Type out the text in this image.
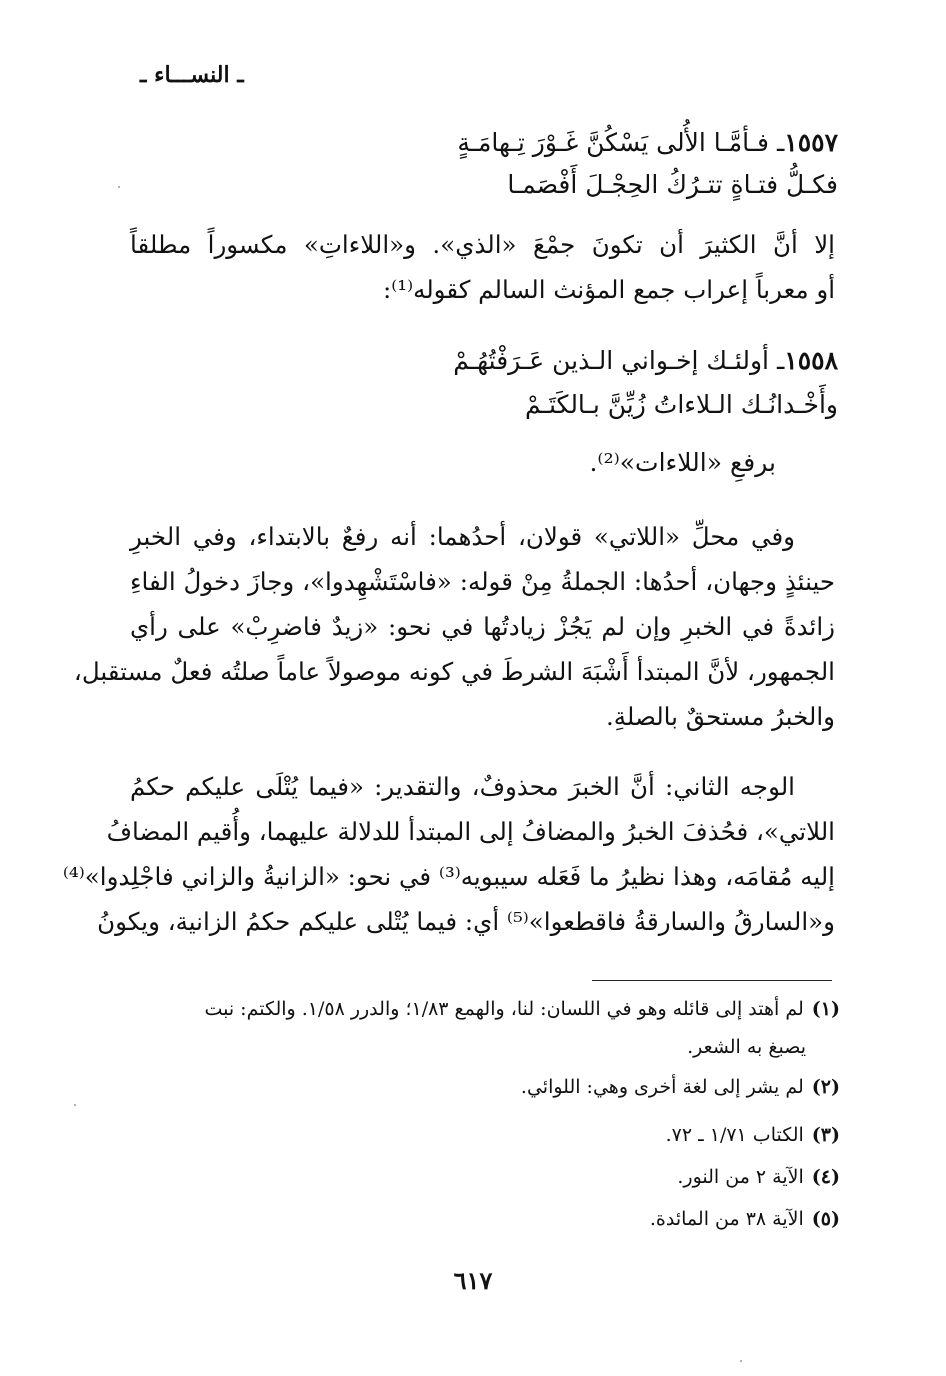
ـ النســـاء ـ
١٥٥٧ـ فـأمَّـا الأُلى يَسْكُنَّ غَـوْرَ تِـهامَـةٍ
فكـلُّ فتـاةٍ تتـرُكُ الحِجْـلَ أَفْصَمـا
إلا أنَّ الكثيرَ أن تكونَ جمْعَ «الذي». و«اللاءاتِ» مكسوراً مطلقاً
أو معرباً إعراب جمع المؤنث السالم كقوله⁽¹⁾:
١٥٥٨ـ أولئـك إخـواني الـذين عَـرَفْتُهُـمْ
وأَخْـدانُـك الـلاءاتُ زُيِّنَّ بـالكَتَـمْ
برفعِ «اللاءات»⁽²⁾.
وفي محلِّ «اللاتي» قولان، أحدُهما: أنه رفعٌ بالابتداء، وفي الخبرِ
حينئذٍ وجهان، أحدُها: الجملةُ مِنْ قوله: «فاسْتَشْهِدوا»، وجازَ دخولُ الفاءِ
زائدةً في الخبرِ وإن لم يَجُزْ زيادتُها في نحو: «زيدٌ فاضرِبْ» على رأي
الجمهور، لأنَّ المبتدأ أَشْبَهَ الشرطَ في كونه موصولاً عاماً صلتُه فعلٌ مستقبل،
والخبرُ مستحقٌ بالصلةِ.
الوجه الثاني: أنَّ الخبرَ محذوفٌ، والتقدير: «فيما يُتْلَى عليكم حكمُ
اللاتي»، فحُذفَ الخبرُ والمضافُ إلى المبتدأ للدلالة عليهما، وأُقيم المضافُ
إليه مُقامَه، وهذا نظيرُ ما فَعَله سيبويه⁽³⁾ في نحو: «الزانيةُ والزاني فاجْلِدوا»⁽⁴⁾
و«السارقُ والسارقةُ فاقطعوا»⁽⁵⁾ أي: فيما يُتْلى عليكم حكمُ الزانية، ويكونُ
(١)لم أهتد إلى قائله وهو في اللسان: لنا، والهمع ١/٨٣؛ والدرر ١/٥٨. والكتم: نبت
يصبغ به الشعر.
(٢)لم يشر إلى لغة أخرى وهي: اللوائي.
(٣)الكتاب ١/٧١ ـ ٧٢.
(٤)الآية ٢ من النور.
(٥)الآية ٣٨ من المائدة.
٦١٧
